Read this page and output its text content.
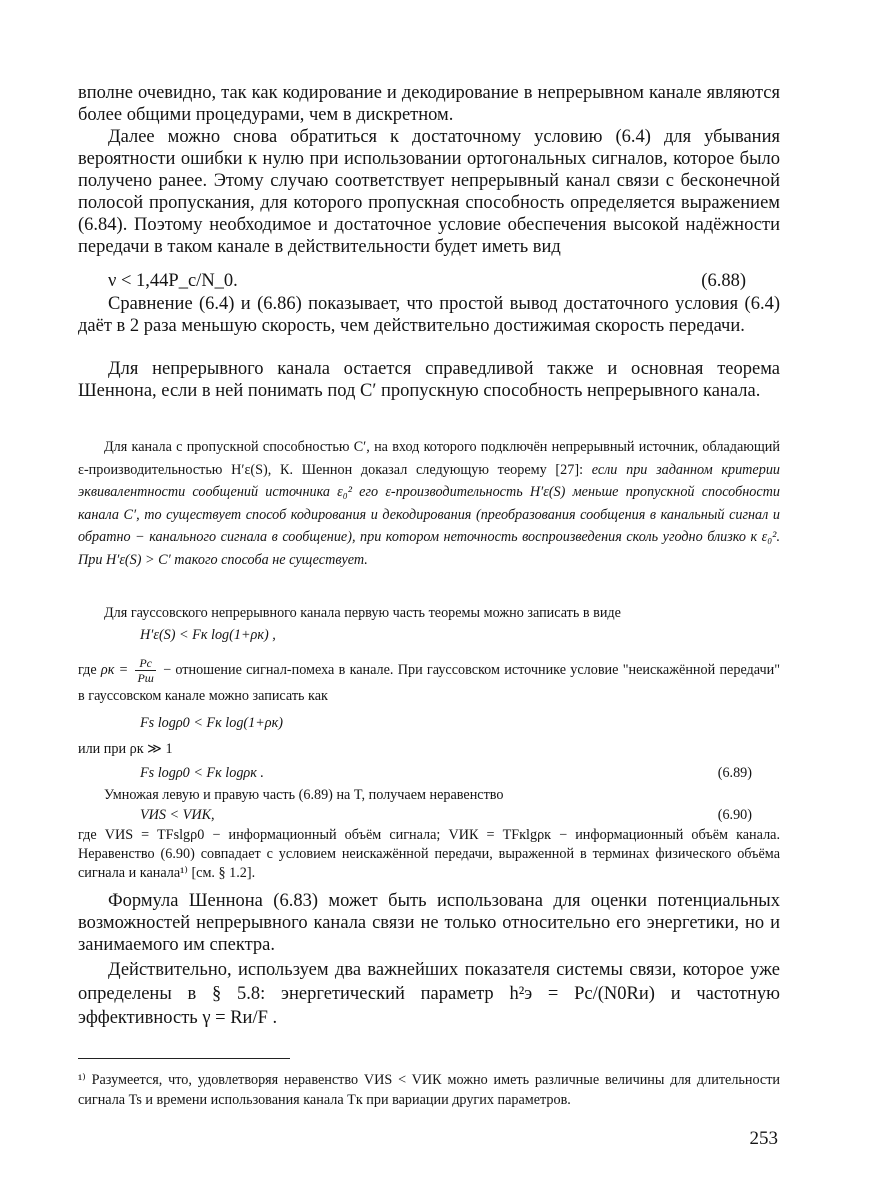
вполне очевидно, так как кодирование и декодирование в непрерывном канале являются более общими процедурами, чем в дискретном.
Далее можно снова обратиться к достаточному условию (6.4) для убывания вероятности ошибки к нулю при использовании ортогональных сигналов, которое было получено ранее. Этому случаю соответствует непрерывный канал связи с бесконечной полосой пропускания, для которого пропускная способность определяется выражением (6.84). Поэтому необходимое и достаточное условие обеспечения высокой надёжности передачи в таком канале в действительности будет иметь вид
ν < 1,44P_c/N_0.	(6.88)
Сравнение (6.4) и (6.86) показывает, что простой вывод достаточного условия (6.4) даёт в 2 раза меньшую скорость, чем действительно достижимая скорость передачи.
Для непрерывного канала остается справедливой также и основная теорема Шеннона, если в ней понимать под C′ пропускную способность непрерывного канала.
Для канала с пропускной способностью C′, на вход которого подключён непрерывный источник, обладающий ε-производительностью H′ε(S), К. Шеннон доказал следующую теорему [27]: если при заданном критерии эквивалентности сообщений источника ε₀² его ε-производительность H′ε(S) меньше пропускной способности канала C′, то существует способ кодирования и декодирования (преобразования сообщения в канальный сигнал и обратно − канального сигнала в сообщение), при котором неточность воспроизведения сколь угодно близко к ε₀². При H′ε(S) > C′ такого способа не существует.
Для гауссовского непрерывного канала первую часть теоремы можно записать в виде
H′ε(S) < Fк log(1+ρк) ,
где $\rho к = \frac{Pc}{Pш}$ − отношение сигнал-помеха в канале. При гауссовском источнике условие "неискажённой передачи" в гауссовском канале можно записать как
Fs logρ0 < Fк log(1+ρк)
или при ρк ≫ 1
Fs logρ0 < Fк logρк .	(6.89)
Умножая левую и правую часть (6.89) на T, получаем неравенство
VИS < VИК,	(6.90)
где VИS = TFslgρ0 − информационный объём сигнала; VИК = TFкlgρк − информационный объём канала. Неравенство (6.90) совпадает с условием неискажённой передачи, выраженной в терминах физического объёма сигнала и канала¹⁾ [см. § 1.2].
Формула Шеннона (6.83) может быть использована для оценки потенциальных возможностей непрерывного канала связи не только относительно его энергетики, но и занимаемого им спектра.
Действительно, используем два важнейших показателя системы связи, которое уже определены в § 5.8: энергетический параметр h²э = Pc/(N0Rи) и частотную эффективность γ = Rи/F .
¹⁾ Разумеется, что, удовлетворяя неравенство VИS < VИК можно иметь различные величины для длительности сигнала Ts и времени использования канала Tк при вариации других параметров.
253
